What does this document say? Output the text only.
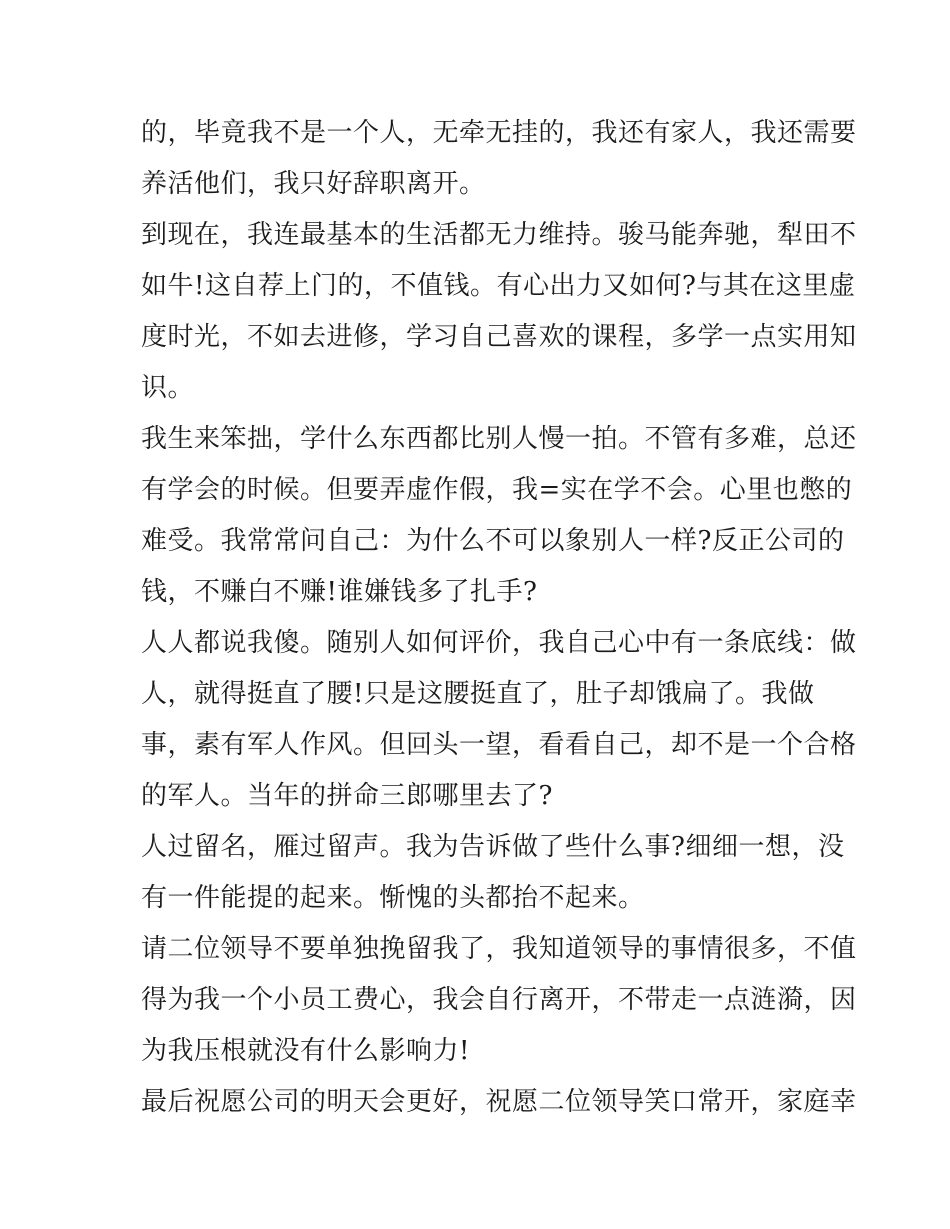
的，毕竟我不是一个人，无牵无挂的，我还有家人，我还需要
养活他们，我只好辞职离开。
到现在，我连最基本的生活都无力维持。骏马能奔驰，犁田不
如牛!这自荐上门的，不值钱。有心出力又如何?与其在这里虚
度时光，不如去进修，学习自己喜欢的课程，多学一点实用知
识。
我生来笨拙，学什么东西都比别人慢一拍。不管有多难，总还
有学会的时候。但要弄虚作假，我=实在学不会。心里也憋的
难受。我常常问自己：为什么不可以象别人一样?反正公司的
钱，不赚白不赚!谁嫌钱多了扎手?
人人都说我傻。随别人如何评价，我自己心中有一条底线：做
人，就得挺直了腰!只是这腰挺直了，肚子却饿扁了。我做
事，素有军人作风。但回头一望，看看自己，却不是一个合格
的军人。当年的拼命三郎哪里去了?
人过留名，雁过留声。我为告诉做了些什么事?细细一想，没
有一件能提的起来。惭愧的头都抬不起来。
请二位领导不要单独挽留我了，我知道领导的事情很多，不值
得为我一个小员工费心，我会自行离开，不带走一点涟漪，因
为我压根就没有什么影响力!
最后祝愿公司的明天会更好，祝愿二位领导笑口常开，家庭幸
